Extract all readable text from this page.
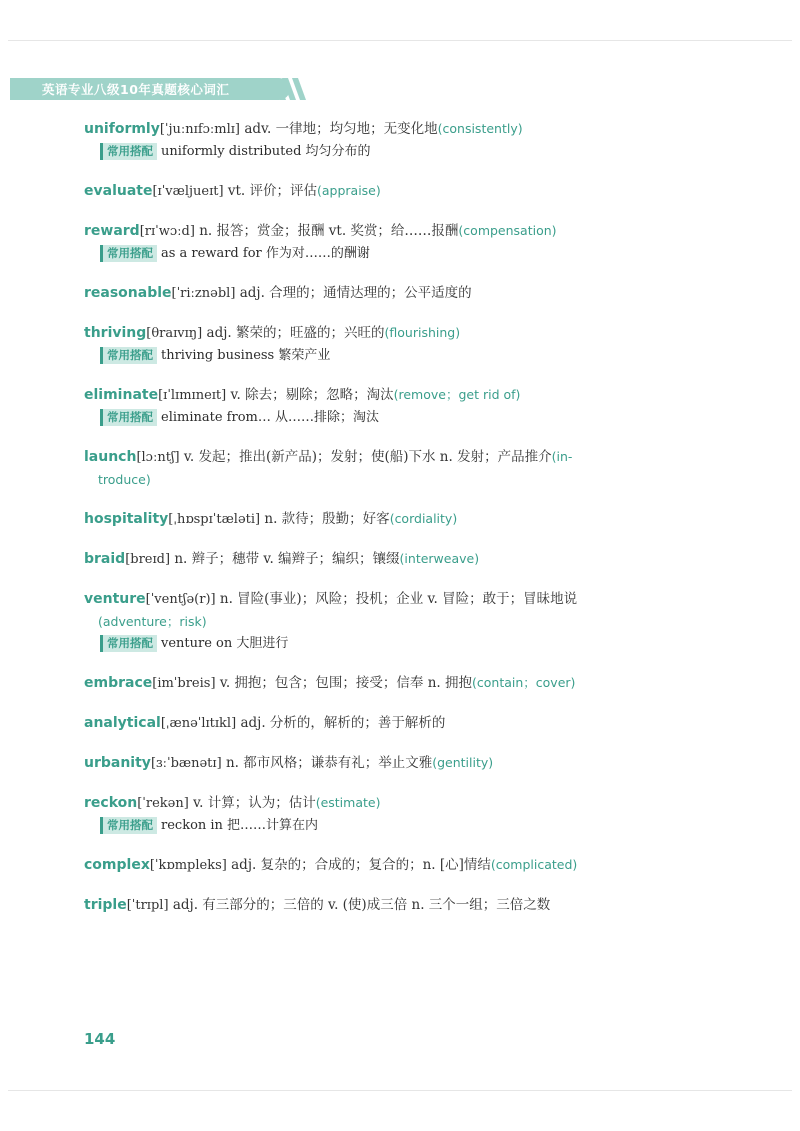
英语专业八级10年真题核心词汇
uniformly[ˈjuːnɪfɔːmlɪ] adv. 一律地；均匀地；无变化地(consistently)
常用搭配 uniformly distributed 均匀分布的
evaluate[ɪˈvæljueɪt] vt. 评价；评估(appraise)
reward[rɪˈwɔːd] n. 报答；赏金；报酬 vt. 奖赏；给……报酬(compensation)
常用搭配 as a reward for 作为对……的酬谢
reasonable[ˈriːznəbl] adj. 合理的；通情达理的；公平适度的
thriving[θraɪvɪŋ] adj. 繁荣的；旺盛的；兴旺的(flourishing)
常用搭配 thriving business 繁荣产业
eliminate[ɪˈlɪmɪneɪt] v. 除去；剔除；忽略；淘汰(remove；get rid of)
常用搭配 eliminate from… 从……排除；淘汰
launch[lɔːntʃ] v. 发起；推出(新产品)；发射；使(船)下水 n. 发射；产品推介(in-
troduce)
hospitality[ˌhɒspɪˈtæləti] n. 款待；殷勤；好客(cordiality)
braid[breɪd] n. 辫子；穗带 v. 编辫子；编织；镶缀(interweave)
venture[ˈventʃə(r)] n. 冒险(事业)；风险；投机；企业 v. 冒险；敢于；冒昧地说
(adventure；risk)
常用搭配 venture on 大胆进行
embrace[imˈbreis] v. 拥抱；包含；包围；接受；信奉 n. 拥抱(contain；cover)
analytical[ˌænəˈlɪtɪkl] adj. 分析的，解析的；善于解析的
urbanity[ɜːˈbænətɪ] n. 都市风格；谦恭有礼；举止文雅(gentility)
reckon[ˈrekən] v. 计算；认为；估计(estimate)
常用搭配 reckon in 把……计算在内
complex[ˈkɒmpleks] adj. 复杂的；合成的；复合的；n. [心]情结(complicated)
triple[ˈtrɪpl] adj. 有三部分的；三倍的 v. (使)成三倍 n. 三个一组；三倍之数
144
